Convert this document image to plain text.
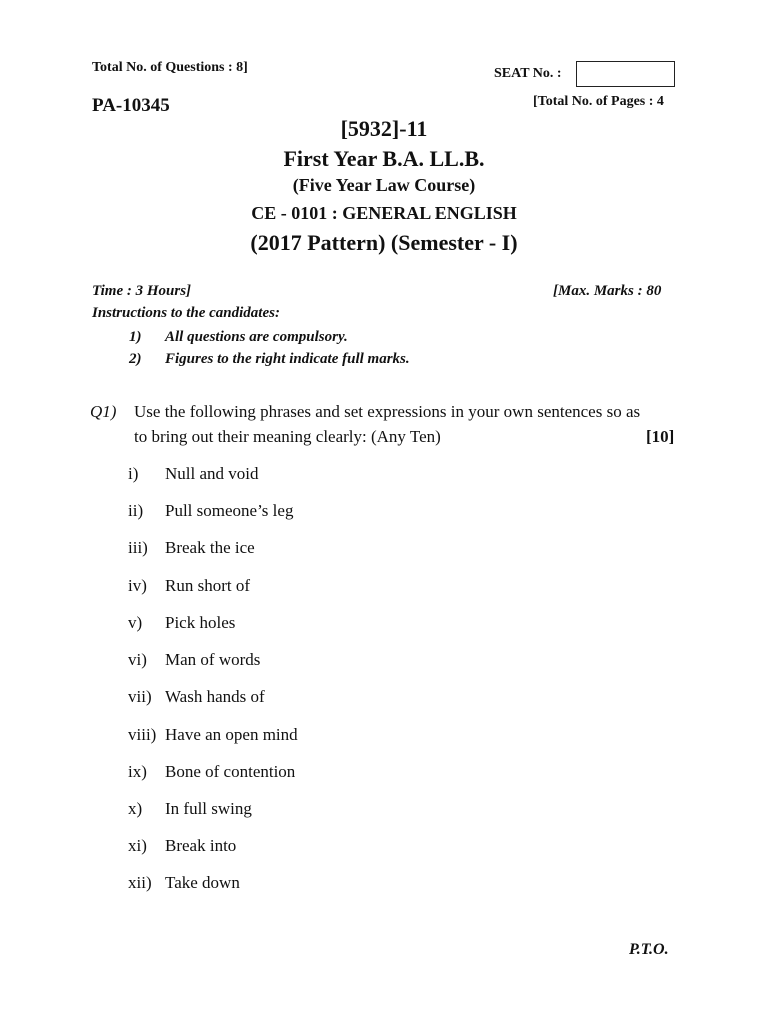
Total No. of Questions : 8]	SEAT No. :
PA-10345	[Total No. of Pages : 4
[5932]-11
First Year B.A. LL.B.
(Five Year Law Course)
CE - 0101 : GENERAL ENGLISH
(2017 Pattern) (Semester - I)
Time : 3 Hours]	[Max. Marks : 80
Instructions to the candidates:
1) All questions are compulsory.
2) Figures to the right indicate full marks.
Q1) Use the following phrases and set expressions in your own sentences so as
to bring out their meaning clearly: (Any Ten)	[10]
i) Null and void
ii) Pull someone’s leg
iii) Break the ice
iv) Run short of
v) Pick holes
vi) Man of words
vii) Wash hands of
viii) Have an open mind
ix) Bone of contention
x) In full swing
xi) Break into
xii) Take down
P.T.O.
